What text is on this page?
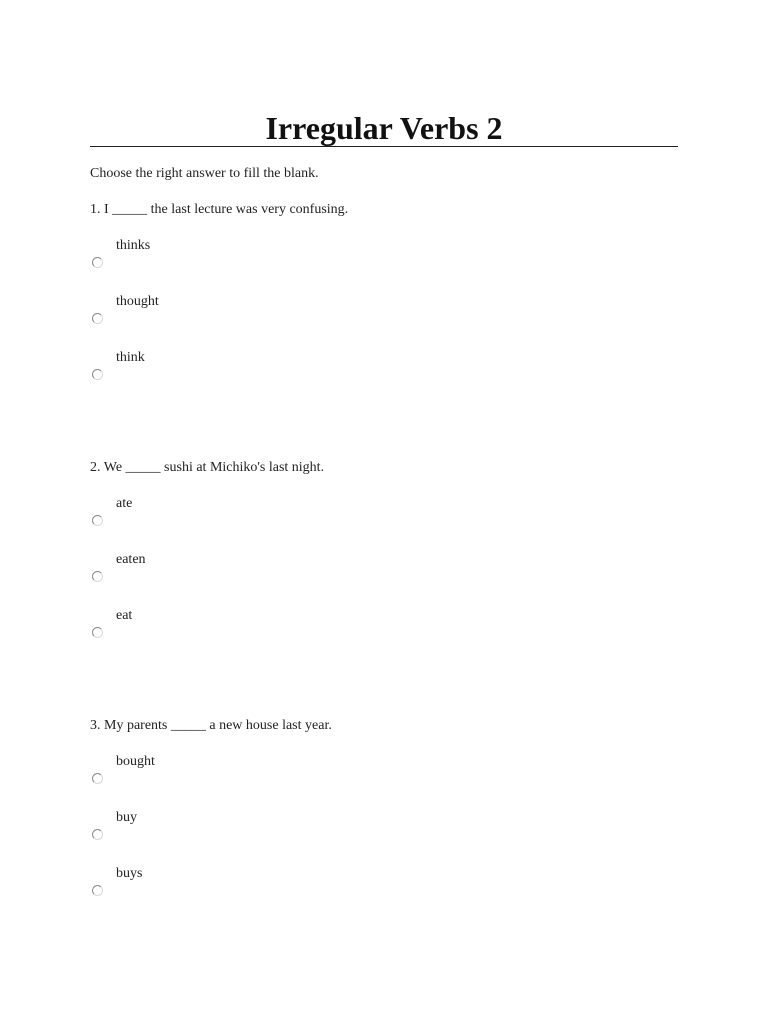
Irregular Verbs 2

Choose the right answer to fill the blank.

1. I _____ the last lecture was very confusing.

thinks
thought
think

2. We _____ sushi at Michiko's last night.

ate
eaten
eat

3. My parents _____ a new house last year.

bought
buy
buys
